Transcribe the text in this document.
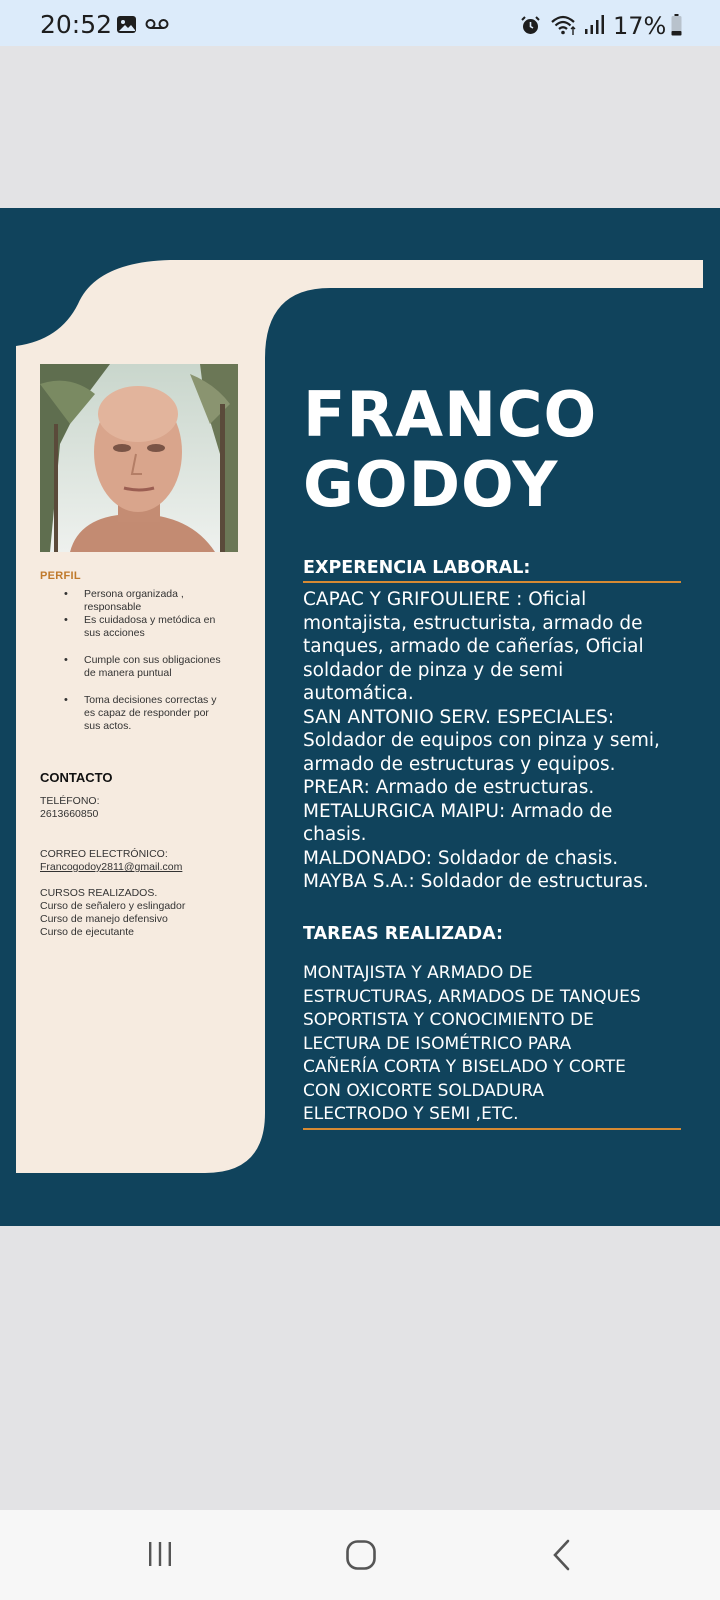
20:52	17%
PERFIL
• Persona organizada ,
responsable
• Es cuidadosa y metódica en
sus acciones
• Cumple con sus obligaciones
de manera puntual
• Toma decisiones correctas y
es capaz de responder por
sus actos.
CONTACTO
TELÉFONO:
2613660850
CORREO ELECTRÓNICO:
Francogodoy2811@gmail.com
CURSOS REALIZADOS.
Curso de señalero y eslingador
Curso de manejo defensivo
Curso de ejecutante
FRANCO
GODOY
EXPERENCIA LABORAL:
CAPAC Y GRIFOULIERE : Oficial
montajista, estructurista, armado de
tanques, armado de cañerías, Oficial
soldador de pinza y de semi
automática.
SAN ANTONIO SERV. ESPECIALES:
Soldador de equipos con pinza y semi,
armado de estructuras y equipos.
PREAR: Armado de estructuras.
METALURGICA MAIPU: Armado de
chasis.
MALDONADO: Soldador de chasis.
MAYBA S.A.: Soldador de estructuras.
TAREAS REALIZADA:
MONTAJISTA Y ARMADO DE
ESTRUCTURAS, ARMADOS DE TANQUES
SOPORTISTA Y CONOCIMIENTO DE
LECTURA DE ISOMÉTRICO PARA
CAÑERÍA CORTA Y BISELADO Y CORTE
CON OXICORTE SOLDADURA
ELECTRODO Y SEMI ,ETC.
